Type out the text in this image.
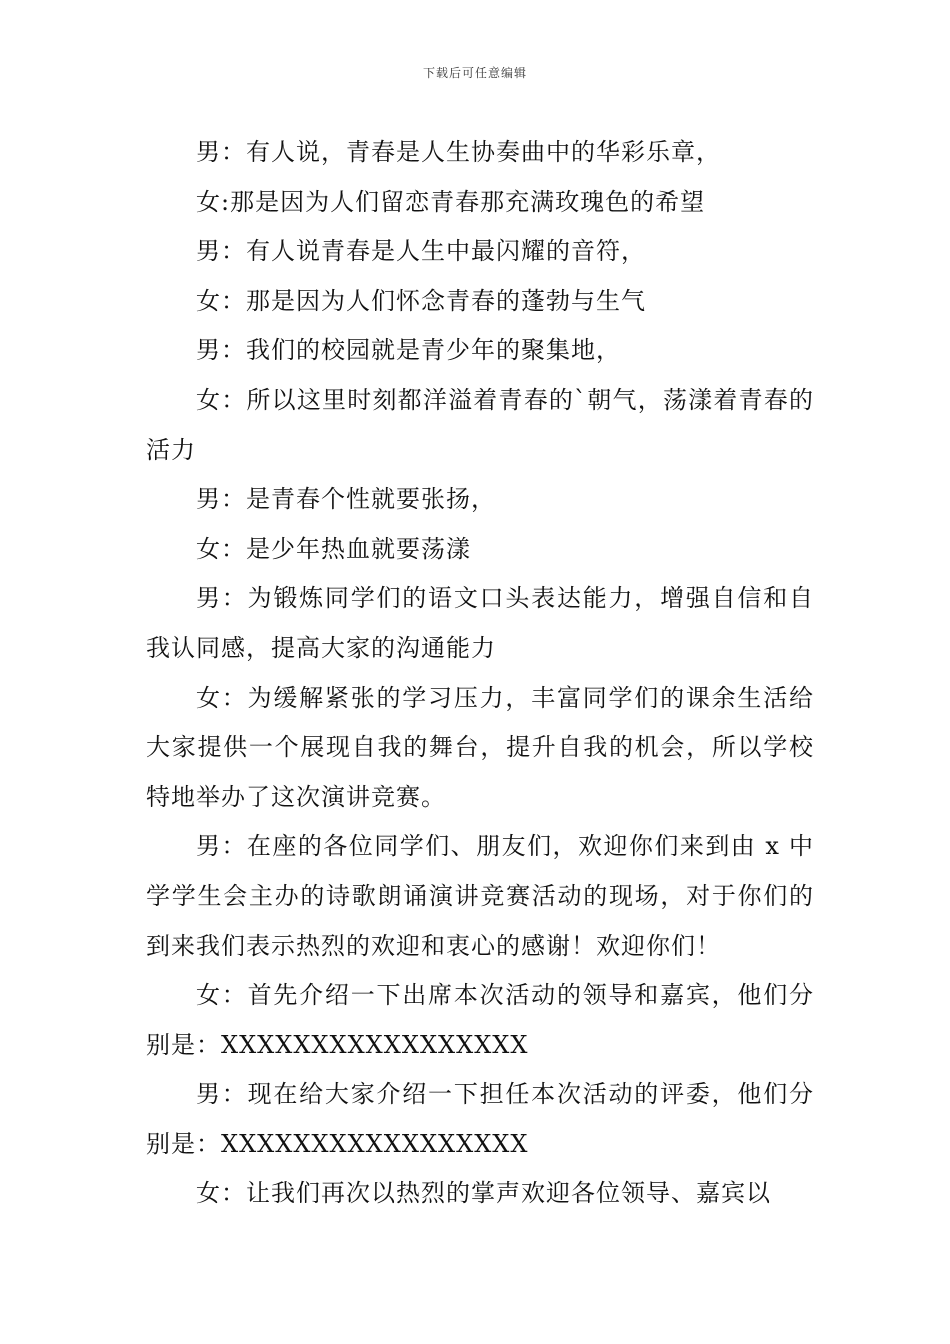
下载后可任意编辑

男：有人说，青春是人生协奏曲中的华彩乐章，

女:那是因为人们留恋青春那充满玫瑰色的希望

男：有人说青春是人生中最闪耀的音符，

女：那是因为人们怀念青春的蓬勃与生气

男：我们的校园就是青少年的聚集地，

女：所以这里时刻都洋溢着青春的`朝气，荡漾着青春的活力

男：是青春个性就要张扬，

女：是少年热血就要荡漾

男：为锻炼同学们的语文口头表达能力，增强自信和自我认同感，提高大家的沟通能力

女：为缓解紧张的学习压力，丰富同学们的课余生活给大家提供一个展现自我的舞台，提升自我的机会，所以学校特地举办了这次演讲竞赛。

男：在座的各位同学们、朋友们，欢迎你们来到由 x 中学学生会主办的诗歌朗诵演讲竞赛活动的现场，对于你们的到来我们表示热烈的欢迎和衷心的感谢！欢迎你们！

女：首先介绍一下出席本次活动的领导和嘉宾，他们分别是：XXXXXXXXXXXXXXXXX

男：现在给大家介绍一下担任本次活动的评委，他们分别是：XXXXXXXXXXXXXXXXX

女：让我们再次以热烈的掌声欢迎各位领导、嘉宾以
